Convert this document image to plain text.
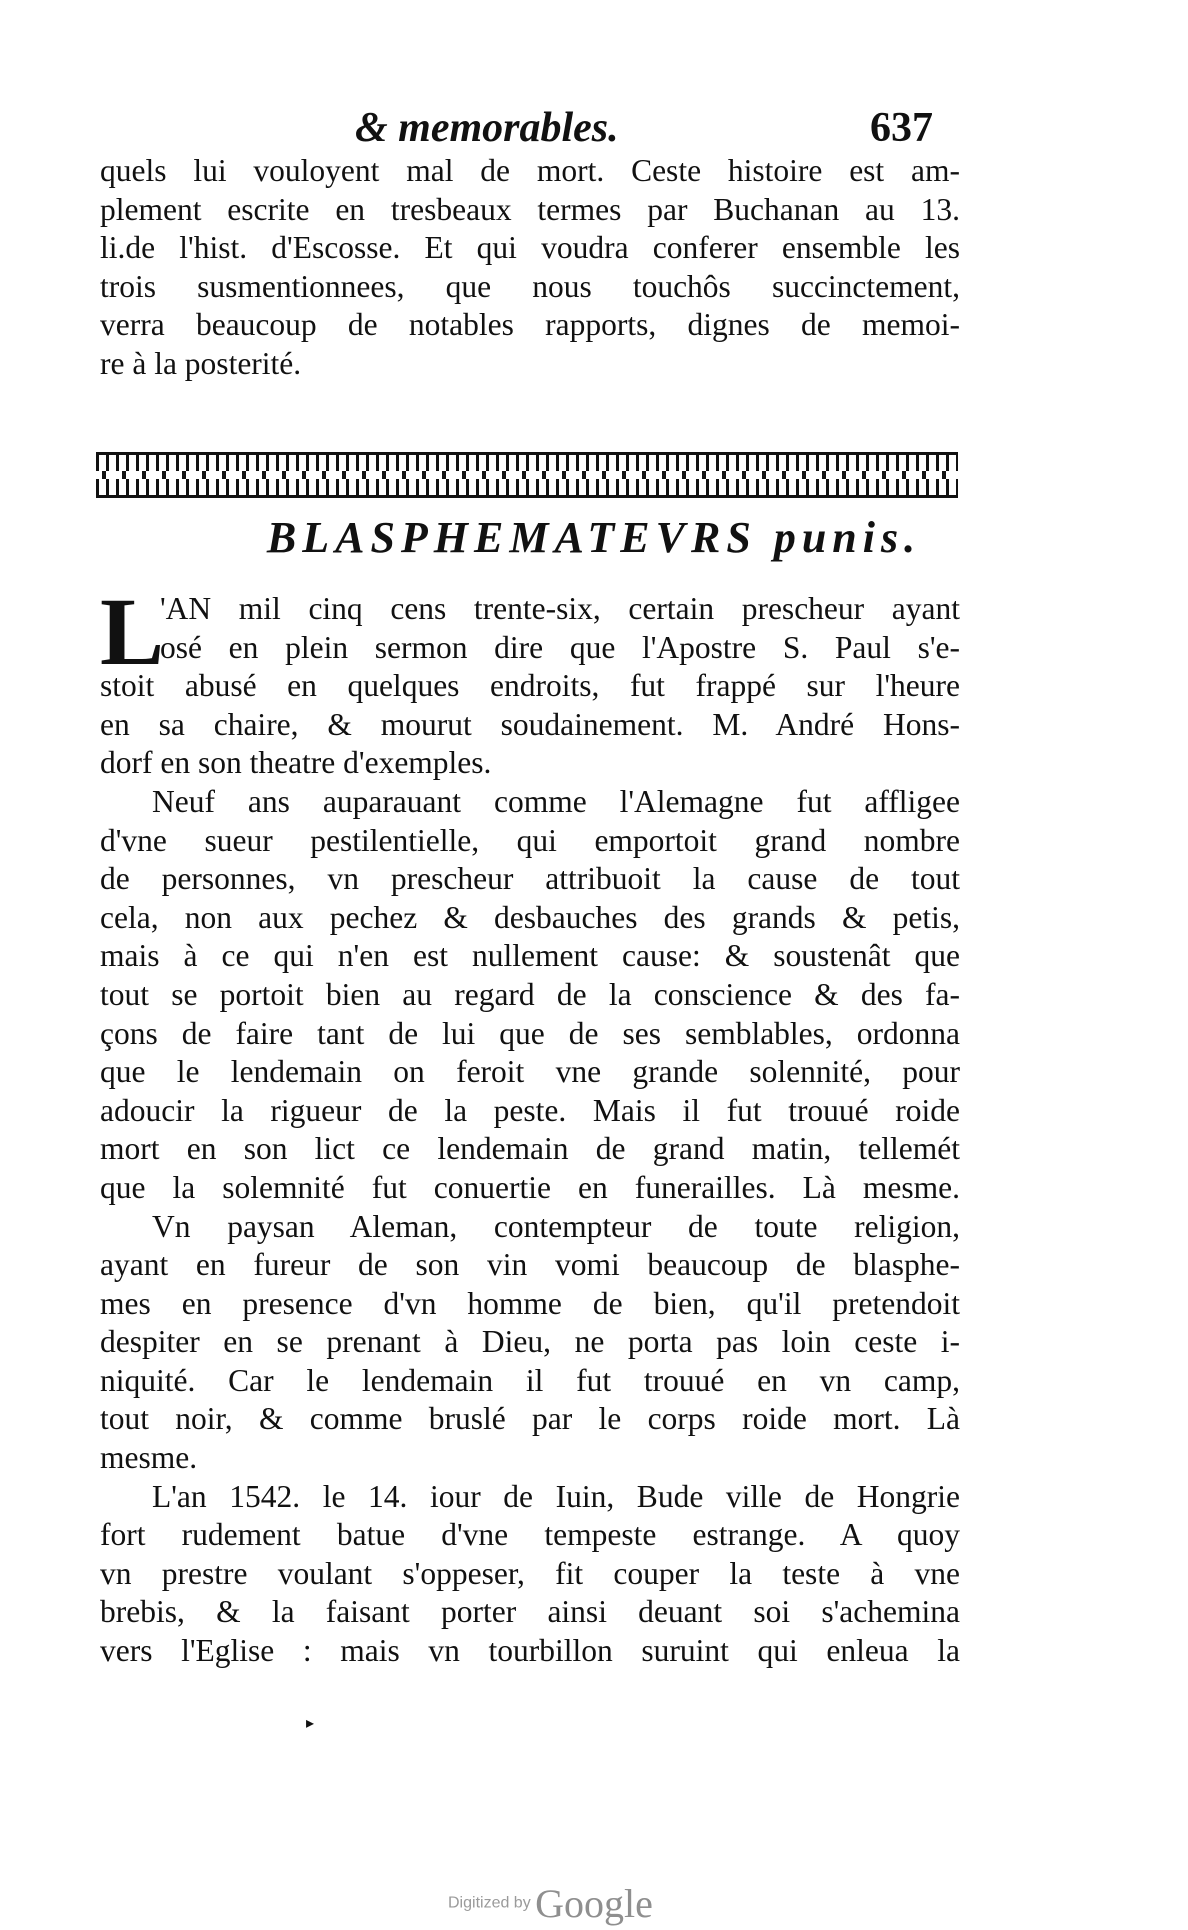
& memorables.	637
quels lui vouloyent mal de mort. Ceste histoire est am-
plement escrite en tresbeaux termes par Buchanan au 13.
li.de l'hist. d'Escosse. Et qui voudra conferer ensemble les
trois susmentionnees, que nous touchôs succinctement,
verra beaucoup de notables rapports, dignes de memoi-
re à la posterité.
BLASPHEMATEVRS punis.
L
'AN mil cinq cens trente-six, certain prescheur ayant
osé en plein sermon dire que l'Apostre S. Paul s'e-
stoit abusé en quelques endroits, fut frappé sur l'heure
en sa chaire, & mourut soudainement. M. André Hons-
dorf en son theatre d'exemples.
Neuf ans auparauant comme l'Alemagne fut affligee
d'vne sueur pestilentielle, qui emportoit grand nombre
de personnes, vn prescheur attribuoit la cause de tout
cela, non aux pechez & desbauches des grands & petis,
mais à ce qui n'en est nullement cause: & soustenât que
tout se portoit bien au regard de la conscience & des fa-
çons de faire tant de lui que de ses semblables, ordonna
que le lendemain on feroit vne grande solennité, pour
adoucir la rigueur de la peste. Mais il fut trouué roide
mort en son lict ce lendemain de grand matin, tellemét
que la solemnité fut conuertie en funerailles. Là mesme.
Vn paysan Aleman, contempteur de toute religion,
ayant en fureur de son vin vomi beaucoup de blasphe-
mes en presence d'vn homme de bien, qu'il pretendoit
despiter en se prenant à Dieu, ne porta pas loin ceste i-
niquité. Car le lendemain il fut trouué en vn camp,
tout noir, & comme bruslé par le corps roide mort. Là
mesme.
L'an 1542. le 14. iour de Iuin, Bude ville de Hongrie
fort rudement batue d'vne tempeste estrange. A quoy
vn prestre voulant s'oppeser, fit couper la teste à vne
brebis, & la faisant porter ainsi deuant soi s'achemina
vers l'Eglise : mais vn tourbillon suruint qui enleua la
▸
Digitized by Google
